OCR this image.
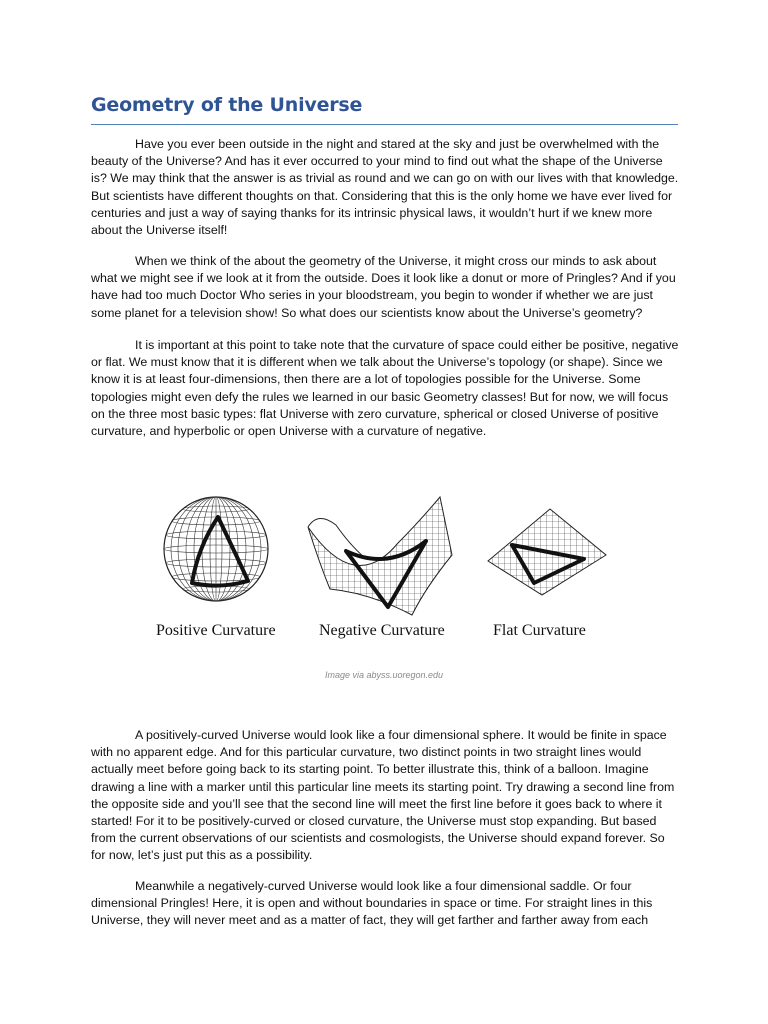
Geometry of the Universe

Have you ever been outside in the night and stared at the sky and just be overwhelmed with the beauty of the Universe? And has it ever occurred to your mind to find out what the shape of the Universe is? We may think that the answer is as trivial as round and we can go on with our lives with that knowledge. But scientists have different thoughts on that. Considering that this is the only home we have ever lived for centuries and just a way of saying thanks for its intrinsic physical laws, it wouldn’t hurt if we knew more about the Universe itself!

When we think of the about the geometry of the Universe, it might cross our minds to ask about what we might see if we look at it from the outside. Does it look like a donut or more of Pringles? And if you have had too much Doctor Who series in your bloodstream, you begin to wonder if whether we are just some planet for a television show! So what does our scientists know about the Universe’s geometry?

It is important at this point to take note that the curvature of space could either be positive, negative or flat. We must know that it is different when we talk about the Universe’s topology (or shape). Since we know it is at least four-dimensions, then there are a lot of topologies possible for the Universe. Some topologies might even defy the rules we learned in our basic Geometry classes! But for now, we will focus on the three most basic types: flat Universe with zero curvature, spherical or closed Universe of positive curvature, and hyperbolic or open Universe with a curvature of negative.

Positive Curvature	Negative Curvature	Flat Curvature
Image via abyss.uoregon.edu

A positively-curved Universe would look like a four dimensional sphere. It would be finite in space with no apparent edge. And for this particular curvature, two distinct points in two straight lines would actually meet before going back to its starting point. To better illustrate this, think of a balloon. Imagine drawing a line with a marker until this particular line meets its starting point. Try drawing a second line from the opposite side and you’ll see that the second line will meet the first line before it goes back to where it started! For it to be positively-curved or closed curvature, the Universe must stop expanding. But based from the current observations of our scientists and cosmologists, the Universe should expand forever. So for now, let’s just put this as a possibility.

Meanwhile a negatively-curved Universe would look like a four dimensional saddle. Or four dimensional Pringles! Here, it is open and without boundaries in space or time. For straight lines in this Universe, they will never meet and as a matter of fact, they will get farther and farther away from each
